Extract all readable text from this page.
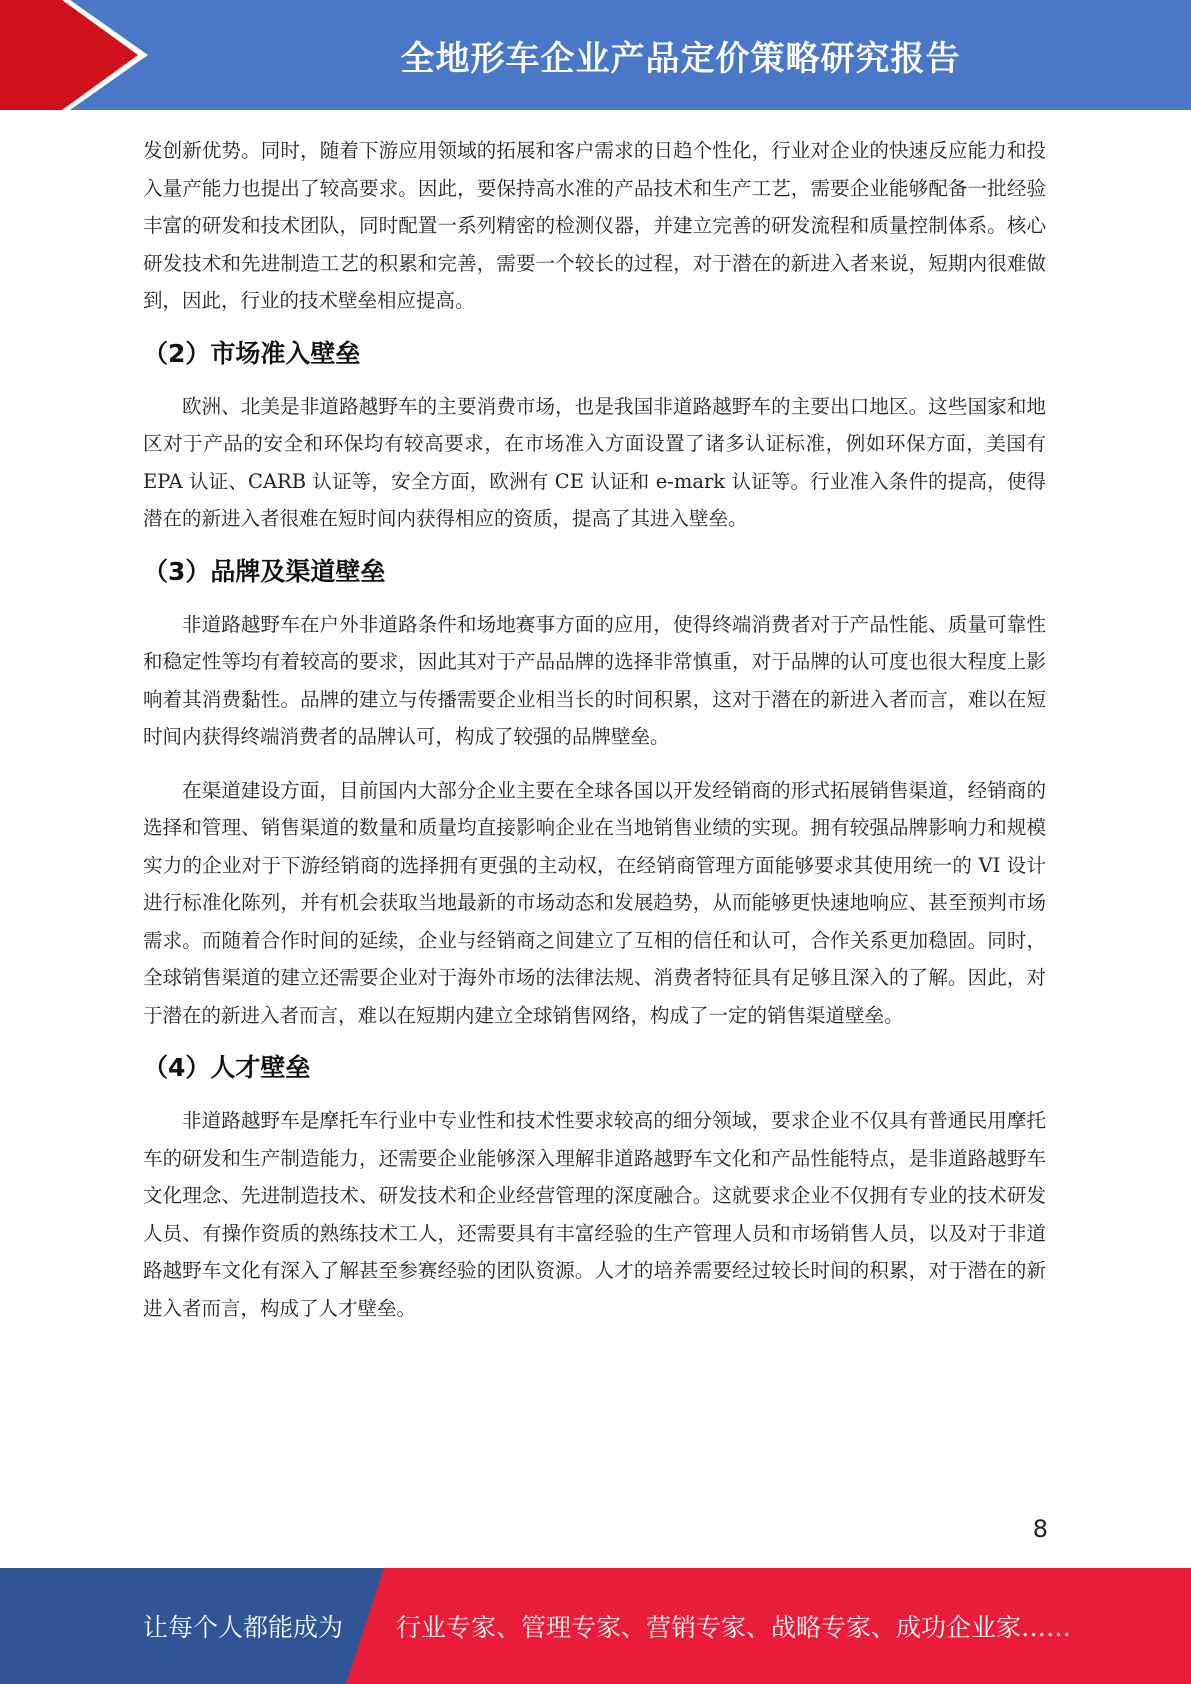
全地形车企业产品定价策略研究报告

发创新优势。同时，随着下游应用领域的拓展和客户需求的日趋个性化，行业对企业的快速反应能力和投入量产能力也提出了较高要求。因此，要保持高水准的产品技术和生产工艺，需要企业能够配备一批经验丰富的研发和技术团队，同时配置一系列精密的检测仪器，并建立完善的研发流程和质量控制体系。核心研发技术和先进制造工艺的积累和完善，需要一个较长的过程，对于潜在的新进入者来说，短期内很难做到，因此，行业的技术壁垒相应提高。

（2）市场准入壁垒

欧洲、北美是非道路越野车的主要消费市场，也是我国非道路越野车的主要出口地区。这些国家和地区对于产品的安全和环保均有较高要求，在市场准入方面设置了诸多认证标准，例如环保方面，美国有 EPA 认证、CARB 认证等，安全方面，欧洲有 CE 认证和 e-mark 认证等。行业准入条件的提高，使得潜在的新进入者很难在短时间内获得相应的资质，提高了其进入壁垒。

（3）品牌及渠道壁垒

非道路越野车在户外非道路条件和场地赛事方面的应用，使得终端消费者对于产品性能、质量可靠性和稳定性等均有着较高的要求，因此其对于产品品牌的选择非常慎重，对于品牌的认可度也很大程度上影响着其消费黏性。品牌的建立与传播需要企业相当长的时间积累，这对于潜在的新进入者而言，难以在短时间内获得终端消费者的品牌认可，构成了较强的品牌壁垒。

在渠道建设方面，目前国内大部分企业主要在全球各国以开发经销商的形式拓展销售渠道，经销商的选择和管理、销售渠道的数量和质量均直接影响企业在当地销售业绩的实现。拥有较强品牌影响力和规模实力的企业对于下游经销商的选择拥有更强的主动权，在经销商管理方面能够要求其使用统一的 VI 设计进行标准化陈列，并有机会获取当地最新的市场动态和发展趋势，从而能够更快速地响应、甚至预判市场需求。而随着合作时间的延续，企业与经销商之间建立了互相的信任和认可，合作关系更加稳固。同时，全球销售渠道的建立还需要企业对于海外市场的法律法规、消费者特征具有足够且深入的了解。因此，对于潜在的新进入者而言，难以在短期内建立全球销售网络，构成了一定的销售渠道壁垒。

（4）人才壁垒

非道路越野车是摩托车行业中专业性和技术性要求较高的细分领域，要求企业不仅具有普通民用摩托车的研发和生产制造能力，还需要企业能够深入理解非道路越野车文化和产品性能特点，是非道路越野车文化理念、先进制造技术、研发技术和企业经营管理的深度融合。这就要求企业不仅拥有专业的技术研发人员、有操作资质的熟练技术工人，还需要具有丰富经验的生产管理人员和市场销售人员，以及对于非道路越野车文化有深入了解甚至参赛经验的团队资源。人才的培养需要经过较长时间的积累，对于潜在的新进入者而言，构成了人才壁垒。

8
让每个人都能成为 行业专家、管理专家、营销专家、战略专家、成功企业家……
